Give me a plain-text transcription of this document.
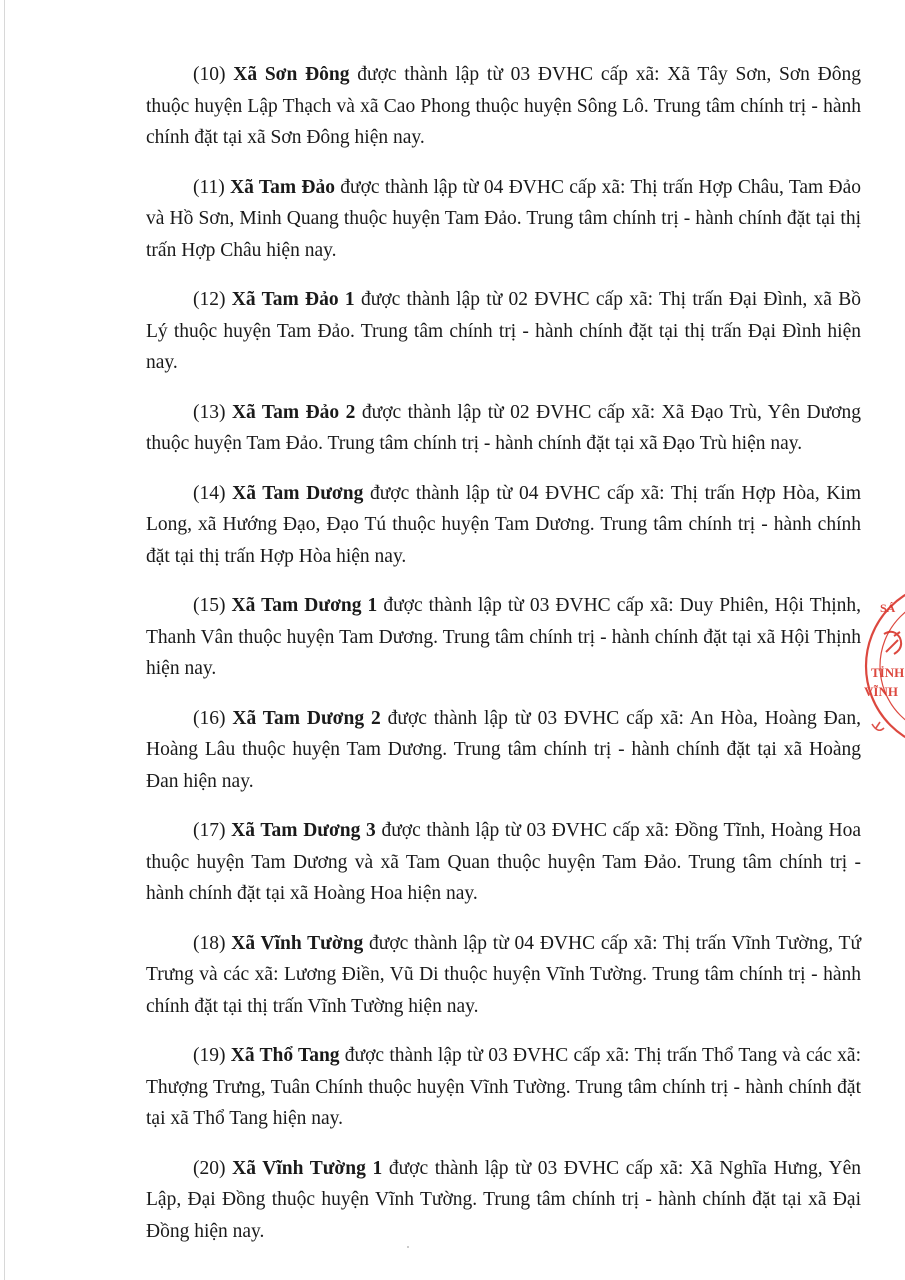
(10) Xã Sơn Đông được thành lập từ 03 ĐVHC cấp xã: Xã Tây Sơn, Sơn Đông thuộc huyện Lập Thạch và xã Cao Phong thuộc huyện Sông Lô. Trung tâm chính trị - hành chính đặt tại xã Sơn Đông hiện nay.

(11) Xã Tam Đảo được thành lập từ 04 ĐVHC cấp xã: Thị trấn Hợp Châu, Tam Đảo và Hồ Sơn, Minh Quang thuộc huyện Tam Đảo. Trung tâm chính trị - hành chính đặt tại thị trấn Hợp Châu hiện nay.

(12) Xã Tam Đảo 1 được thành lập từ 02 ĐVHC cấp xã: Thị trấn Đại Đình, xã Bồ Lý thuộc huyện Tam Đảo. Trung tâm chính trị - hành chính đặt tại thị trấn Đại Đình hiện nay.

(13) Xã Tam Đảo 2 được thành lập từ 02 ĐVHC cấp xã: Xã Đạo Trù, Yên Dương thuộc huyện Tam Đảo. Trung tâm chính trị - hành chính đặt tại xã Đạo Trù hiện nay.

(14) Xã Tam Dương được thành lập từ 04 ĐVHC cấp xã: Thị trấn Hợp Hòa, Kim Long, xã Hướng Đạo, Đạo Tú thuộc huyện Tam Dương. Trung tâm chính trị - hành chính đặt tại thị trấn Hợp Hòa hiện nay.

(15) Xã Tam Dương 1 được thành lập từ 03 ĐVHC cấp xã: Duy Phiên, Hội Thịnh, Thanh Vân thuộc huyện Tam Dương. Trung tâm chính trị - hành chính đặt tại xã Hội Thịnh hiện nay.

(16) Xã Tam Dương 2 được thành lập từ 03 ĐVHC cấp xã: An Hòa, Hoàng Đan, Hoàng Lâu thuộc huyện Tam Dương. Trung tâm chính trị - hành chính đặt tại xã Hoàng Đan hiện nay.

(17) Xã Tam Dương 3 được thành lập từ 03 ĐVHC cấp xã: Đồng Tĩnh, Hoàng Hoa thuộc huyện Tam Dương và xã Tam Quan thuộc huyện Tam Đảo. Trung tâm chính trị - hành chính đặt tại xã Hoàng Hoa hiện nay.

(18) Xã Vĩnh Tường được thành lập từ 04 ĐVHC cấp xã: Thị trấn Vĩnh Tường, Tứ Trưng và các xã: Lương Điền, Vũ Di thuộc huyện Vĩnh Tường. Trung tâm chính trị - hành chính đặt tại thị trấn Vĩnh Tường hiện nay.

(19) Xã Thổ Tang được thành lập từ 03 ĐVHC cấp xã: Thị trấn Thổ Tang và các xã: Thượng Trưng, Tuân Chính thuộc huyện Vĩnh Tường. Trung tâm chính trị - hành chính đặt tại xã Thổ Tang hiện nay.

(20) Xã Vĩnh Tường 1 được thành lập từ 03 ĐVHC cấp xã: Xã Nghĩa Hưng, Yên Lập, Đại Đồng thuộc huyện Vĩnh Tường. Trung tâm chính trị - hành chính đặt tại xã Đại Đồng hiện nay.

SÁ
TỈNH
VĨNH
